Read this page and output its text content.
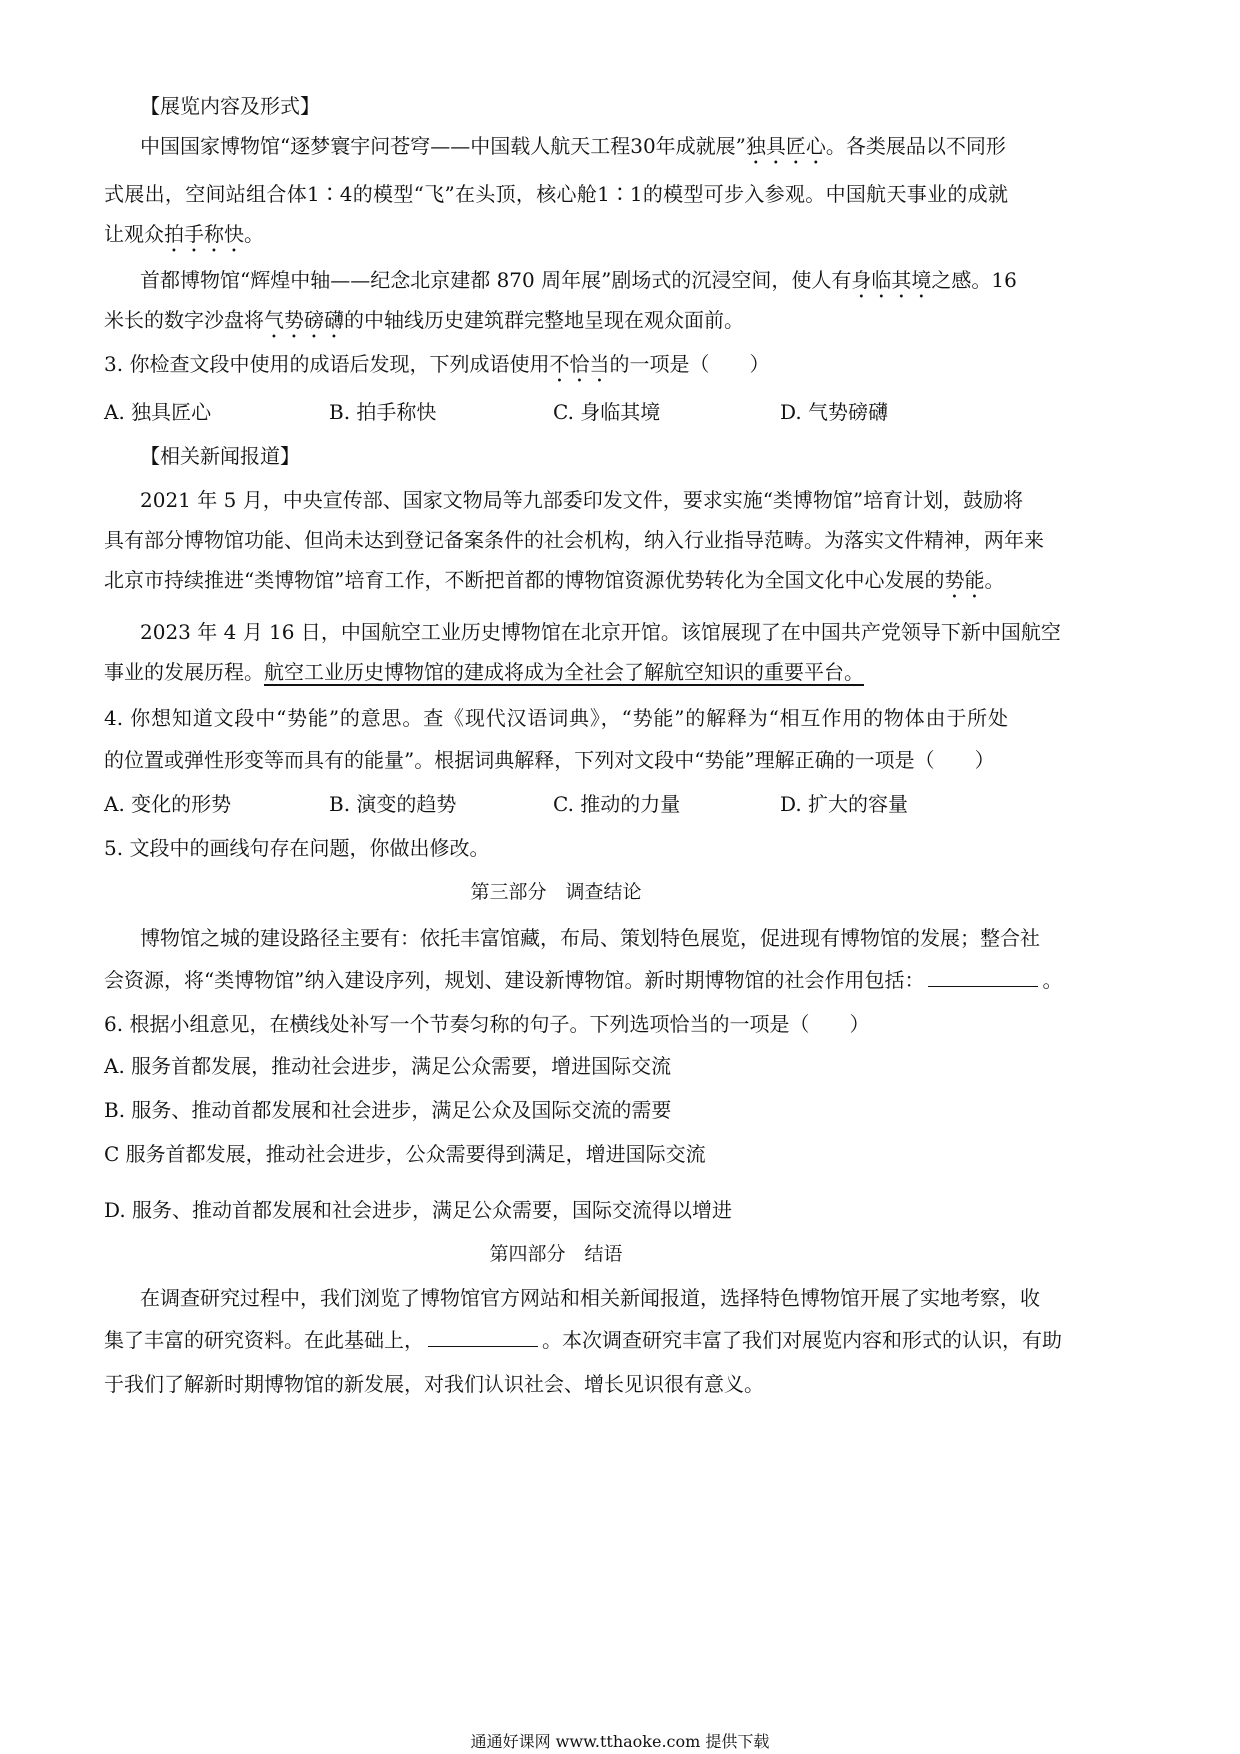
【展览内容及形式】
中国国家博物馆“逐梦寰宇问苍穹——中国载人航天工程30年成就展”独具匠心。各类展品以不同形
式展出，空间站组合体1∶4的模型“飞”在头顶，核心舱1∶1的模型可步入参观。中国航天事业的成就
让观众拍手称快。
首都博物馆“辉煌中轴——纪念北京建都 870 周年展”剧场式的沉浸空间，使人有身临其境之感。16
米长的数字沙盘将气势磅礴的中轴线历史建筑群完整地呈现在观众面前。
3. 你检查文段中使用的成语后发现，下列成语使用不恰当的一项是（　　）
A. 独具匠心	B. 拍手称快	C. 身临其境	D. 气势磅礴
【相关新闻报道】
2021 年 5 月，中央宣传部、国家文物局等九部委印发文件，要求实施“类博物馆”培育计划，鼓励将
具有部分博物馆功能、但尚未达到登记备案条件的社会机构，纳入行业指导范畴。为落实文件精神，两年来
北京市持续推进“类博物馆”培育工作，不断把首都的博物馆资源优势转化为全国文化中心发展的势能。
2023 年 4 月 16 日，中国航空工业历史博物馆在北京开馆。该馆展现了在中国共产党领导下新中国航空
事业的发展历程。航空工业历史博物馆的建成将成为全社会了解航空知识的重要平台。
4. 你想知道文段中“势能”的意思。查《现代汉语词典》，“势能”的解释为“相互作用的物体由于所处
的位置或弹性形变等而具有的能量”。根据词典解释，下列对文段中“势能”理解正确的一项是（　　）
A. 变化的形势	B. 演变的趋势	C. 推动的力量	D. 扩大的容量
5. 文段中的画线句存在问题，你做出修改。
第三部分　调查结论
博物馆之城的建设路径主要有：依托丰富馆藏，布局、策划特色展览，促进现有博物馆的发展；整合社
会资源，将“类博物馆”纳入建设序列，规划、建设新博物馆。新时期博物馆的社会作用包括：	。
6. 根据小组意见，在横线处补写一个节奏匀称的句子。下列选项恰当的一项是（　　）
A. 服务首都发展，推动社会进步，满足公众需要，增进国际交流
B. 服务、推动首都发展和社会进步，满足公众及国际交流的需要
C 服务首都发展，推动社会进步，公众需要得到满足，增进国际交流
D. 服务、推动首都发展和社会进步，满足公众需要，国际交流得以增进
第四部分　结语
在调查研究过程中，我们浏览了博物馆官方网站和相关新闻报道，选择特色博物馆开展了实地考察，收
集了丰富的研究资料。在此基础上，	。本次调查研究丰富了我们对展览内容和形式的认识，有助
于我们了解新时期博物馆的新发展，对我们认识社会、增长见识很有意义。
通通好课网 www.tthaoke.com 提供下载
